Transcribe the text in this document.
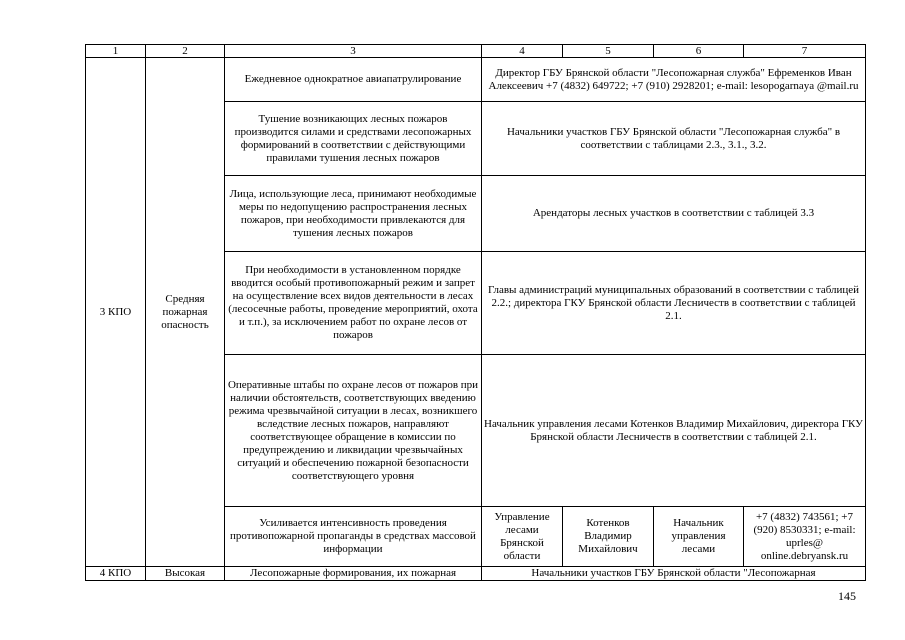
1	2	3	4	5	6	7
3 КПО	Средняя пожарная опасность	Ежедневное однократное авиапатрулирование	Директор ГБУ Брянской области "Лесопожарная служба" Ефременков Иван Алексеевич +7 (4832) 649722; +7 (910) 2928201; e-mail: lesopogarnaya @mail.ru			
		Тушение возникающих лесных пожаров производится силами и средствами лесопожарных формирований в соответствии с действующими правилами тушения лесных пожаров	Начальники участков ГБУ Брянской области "Лесопожарная служба" в соответствии с таблицами 2.3., 3.1., 3.2.			
		Лица, использующие леса, принимают необходимые меры по недопущению распространения лесных пожаров, при необходимости привлекаются для тушения лесных пожаров	Арендаторы лесных участков в соответствии с таблицей 3.3			
		При необходимости в установленном порядке вводится особый противопожарный режим и запрет на осуществление всех видов деятельности в лесах (лесосечные работы, проведение мероприятий, охота и т.п.), за исключением работ по охране лесов от пожаров	Главы администраций муниципальных образований в соответствии с таблицей 2.2.; директора ГКУ Брянской области Лесничеств в соответствии с таблицей 2.1.			
		Оперативные штабы по охране лесов от пожаров при наличии обстоятельств, соответствующих введению режима чрезвычайной ситуации в лесах, возникшего вследствие лесных пожаров, направляют соответствующее обращение в комиссии по предупреждению и ликвидации чрезвычайных ситуаций и обеспечению пожарной безопасности соответствующего уровня	Начальник управления лесами Котенков Владимир Михайлович, директора ГКУ Брянской области Лесничеств в соответствии с таблицей 2.1.			
		Усиливается интенсивность проведения противопожарной пропаганды в средствах массовой информации	Управление лесами Брянской области	Котенков Владимир Михайлович	Начальник управления лесами	+7 (4832) 743561; +7 (920) 8530331; e-mail: uprles@ online.debryansk.ru
4 КПО	Высокая	Лесопожарные формирования, их пожарная	Начальники участков ГБУ Брянской области "Лесопожарная			
145
